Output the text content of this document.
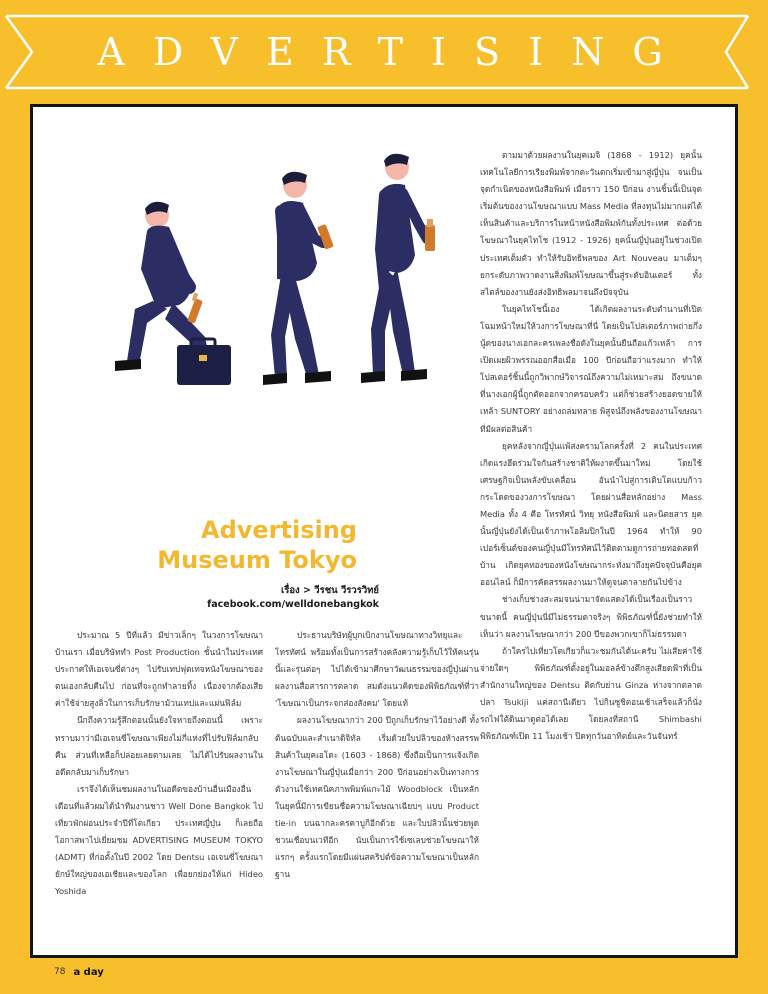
ADVERTISING
Advertising
Museum Tokyo
เรื่อง > วีรชน วีรวรวิทย์
facebook.com/welldonebangkok

ตามมาด้วยผลงานในยุคเมจิ (1868 - 1912) ยุคนั้นเทคโนโลยีการเรียงพิมพ์จากตะวันตกเริ่มเข้ามาสู่ญี่ปุ่น จนเป็นจุดกำเนิดของหนังสือพิมพ์ เมื่อราว 150 ปีก่อน งานชิ้นนี้เป็นจุดเริ่มต้นของงานโฆษณาแบบ Mass Media ที่ลงทุนไม่มากแต่ได้เห็นสินค้าและบริการในหน้าหนังสือพิมพ์กันทั้งประเทศ ต่อด้วยโฆษณาในยุคไทโช (1912 - 1926) ยุคนั้นญี่ปุ่นอยู่ในช่วงเปิดประเทศเต็มตัว ทำให้รับอิทธิพลของ Art Nouveau มาเต็มๆ ยกระดับภาพวาดงานสิ่งพิมพ์โฆษณาขึ้นสู่ระดับอินเตอร์ ทั้งสไตล์ของงานยังส่งอิทธิพลมาจนถึงปัจจุบัน

ในยุคไทโชนี้เอง ได้เกิดผลงานระดับตำนานที่เปิดโฉมหน้าใหม่ให้วงการโฆษณาที่นี่ โดยเป็นโปสเตอร์ภาพถ่ายกึ่งนู้ดของนางเอกละครเพลงชื่อดังในยุคนั้นยืนถือแก้วเหล้า การเปิดเผยผิวพรรณออกสื่อเมื่อ 100 ปีก่อนถือว่าแรงมาก ทำให้โปสเตอร์ชิ้นนี้ถูกวิพากษ์วิจารณ์ถึงความไม่เหมาะสม ถึงขนาดที่นางเอกผู้นี้ถูกตัดออกจากครอบครัว แต่ก็ช่วยสร้างยอดขายให้เหล้า SUNTORY อย่างถล่มทลาย พิสูจน์ถึงพลังของงานโฆษณาที่มีผลต่อสินค้า

ยุคหลังจากญี่ปุ่นแพ้สงครามโลกครั้งที่ 2 คนในประเทศเกิดแรงฮึดร่วมใจกันสร้างชาติให้ผงาดขึ้นมาใหม่ โดยใช้เศรษฐกิจเป็นพลังขับเคลื่อน อันนำไปสู่การเติบโตแบบก้าวกระโดดของวงการโฆษณา โดยผ่านสื่อหลักอย่าง Mass Media ทั้ง 4 คือ โทรทัศน์ วิทยุ หนังสือพิมพ์ และนิตยสาร ยุคนั้นญี่ปุ่นยังได้เป็นเจ้าภาพโอลิมปิกในปี 1964 ทำให้ 90 เปอร์เซ็นต์ของคนญี่ปุ่นมีโทรทัศน์ไว้ติดตามดูการถ่ายทอดสดที่บ้าน เกิดยุคทองของหนังโฆษณากระทั่งมาถึงยุคปัจจุบันคือยุคออนไลน์ ก็มีการคัดสรรผลงานมาให้ดูจนตาลายกันไปข้าง

ช่างเก็บช่างสะสมจนน่ามาจัดแสดงได้เป็นเรื่องเป็นราวขนาดนี้ คนญี่ปุ่นนี่มีไม่ธรรมดาจริงๆ พิพิธภัณฑ์นี้ยังช่วยทำให้เห็นว่า ผลงานโฆษณากว่า 200 ปีของพวกเขาก็ไม่ธรรมดา

ถ้าใครไปเที่ยวโตเกียวก็แวะชมกันได้นะครับ ไม่เสียค่าใช้จ่ายใดๆ พิพิธภัณฑ์ตั้งอยู่ในมอลล์ข้างตึกสูงเสียดฟ้าที่เป็นสำนักงานใหญ่ของ Dentsu ติดกับย่าน Ginza ห่างจากตลาดปลา Tsukiji แค่สถานีเดียว ไปกินซูชิตอนเช้าเสร็จแล้วก็นั่งรถไฟใต้ดินมาดูต่อได้เลย โดยลงที่สถานี Shimbashi พิพิธภัณฑ์เปิด 11 โมงเช้า ปิดทุกวันอาทิตย์และวันจันทร์

ประมาณ 5 ปีที่แล้ว มีข่าวเล็กๆ ในวงการโฆษณาบ้านเรา เมื่อบริษัททำ Post Production ชั้นนำในประเทศประกาศให้เอเจนซี่ต่างๆ ไปรับเทปฟุตเทจหนังโฆษณาของตนเองกลับคืนไป ก่อนที่จะถูกทำลายทิ้ง เนื่องจากต้องเสียค่าใช้จ่ายสูงลิ่วในการเก็บรักษาม้วนเทปและแผ่นฟิล์ม

นึกถึงความรู้สึกตอนนั้นยังใจหายถึงตอนนี้ เพราะทราบมาว่ามีเอเจนซี่โฆษณาเพียงไม่กี่แห่งที่ไปรับฟิล์มกลับคืน ส่วนที่เหลือก็ปล่อยเลยตามเลย ไม่ได้ไปรับผลงานในอดีตกลับมาเก็บรักษา

เราจึงได้เห็นชมผลงานในอดีตของบ้านอื่นเมืองอื่น เดือนที่แล้วผมได้นำทีมงานชาว Well Done Bangkok ไปเที่ยวพักผ่อนประจำปีที่โตเกียว ประเทศญี่ปุ่น ก็เลยถือโอกาสพาไปเยี่ยมชม ADVERTISING MUSEUM TOKYO (ADMT) ที่ก่อตั้งในปี 2002 โดย Dentsu เอเจนซี่โฆษณายักษ์ใหญ่ของเอเชียและของโลก เพื่อยกย่องให้แก่ Hideo Yoshida

ประธานบริษัทผู้บุกเบิกงานโฆษณาทางวิทยุและโทรทัศน์ พร้อมทั้งเป็นการสร้างคลังความรู้เก็บไว้ให้คนรุ่นนี้และรุ่นต่อๆ ไปได้เข้ามาศึกษาวัฒนธรรมของญี่ปุ่นผ่านผลงานสื่อสารการตลาด สมดังแนวคิดของพิพิธภัณฑ์ที่ว่า 'โฆษณาเป็นกระจกส่องสังคม' โดยแท้

ผลงานโฆษณากว่า 200 ปีถูกเก็บรักษาไว้อย่างดี ทั้งต้นฉบับและสำเนาดิจิทัล เริ่มด้วยใบปลิวของห้างสรรพสินค้าในยุคเอโดะ (1603 - 1868) ซึ่งถือเป็นการแจ้งเกิดงานโฆษณาในญี่ปุ่นเมื่อกว่า 200 ปีก่อนอย่างเป็นทางการ ตัวงานใช้เทคนิคภาพพิมพ์แกะไม้ Woodblock เป็นหลัก ในยุคนี้มีการเขียนชื่อความโฆษณาเฉียบๆ แบบ Product tie-in บนฉากละครคาบูกิอีกด้วย และใบปลิวนั้นช่วยพูดชวนเชื่อบนเวทีอีก นับเป็นการใช้เซเลบช่วยโฆษณาให้แรกๆ ครั้งแรกโดยมีแผ่นสคริปต์ข้อความโฆษณาเป็นหลักฐาน

78 a day
